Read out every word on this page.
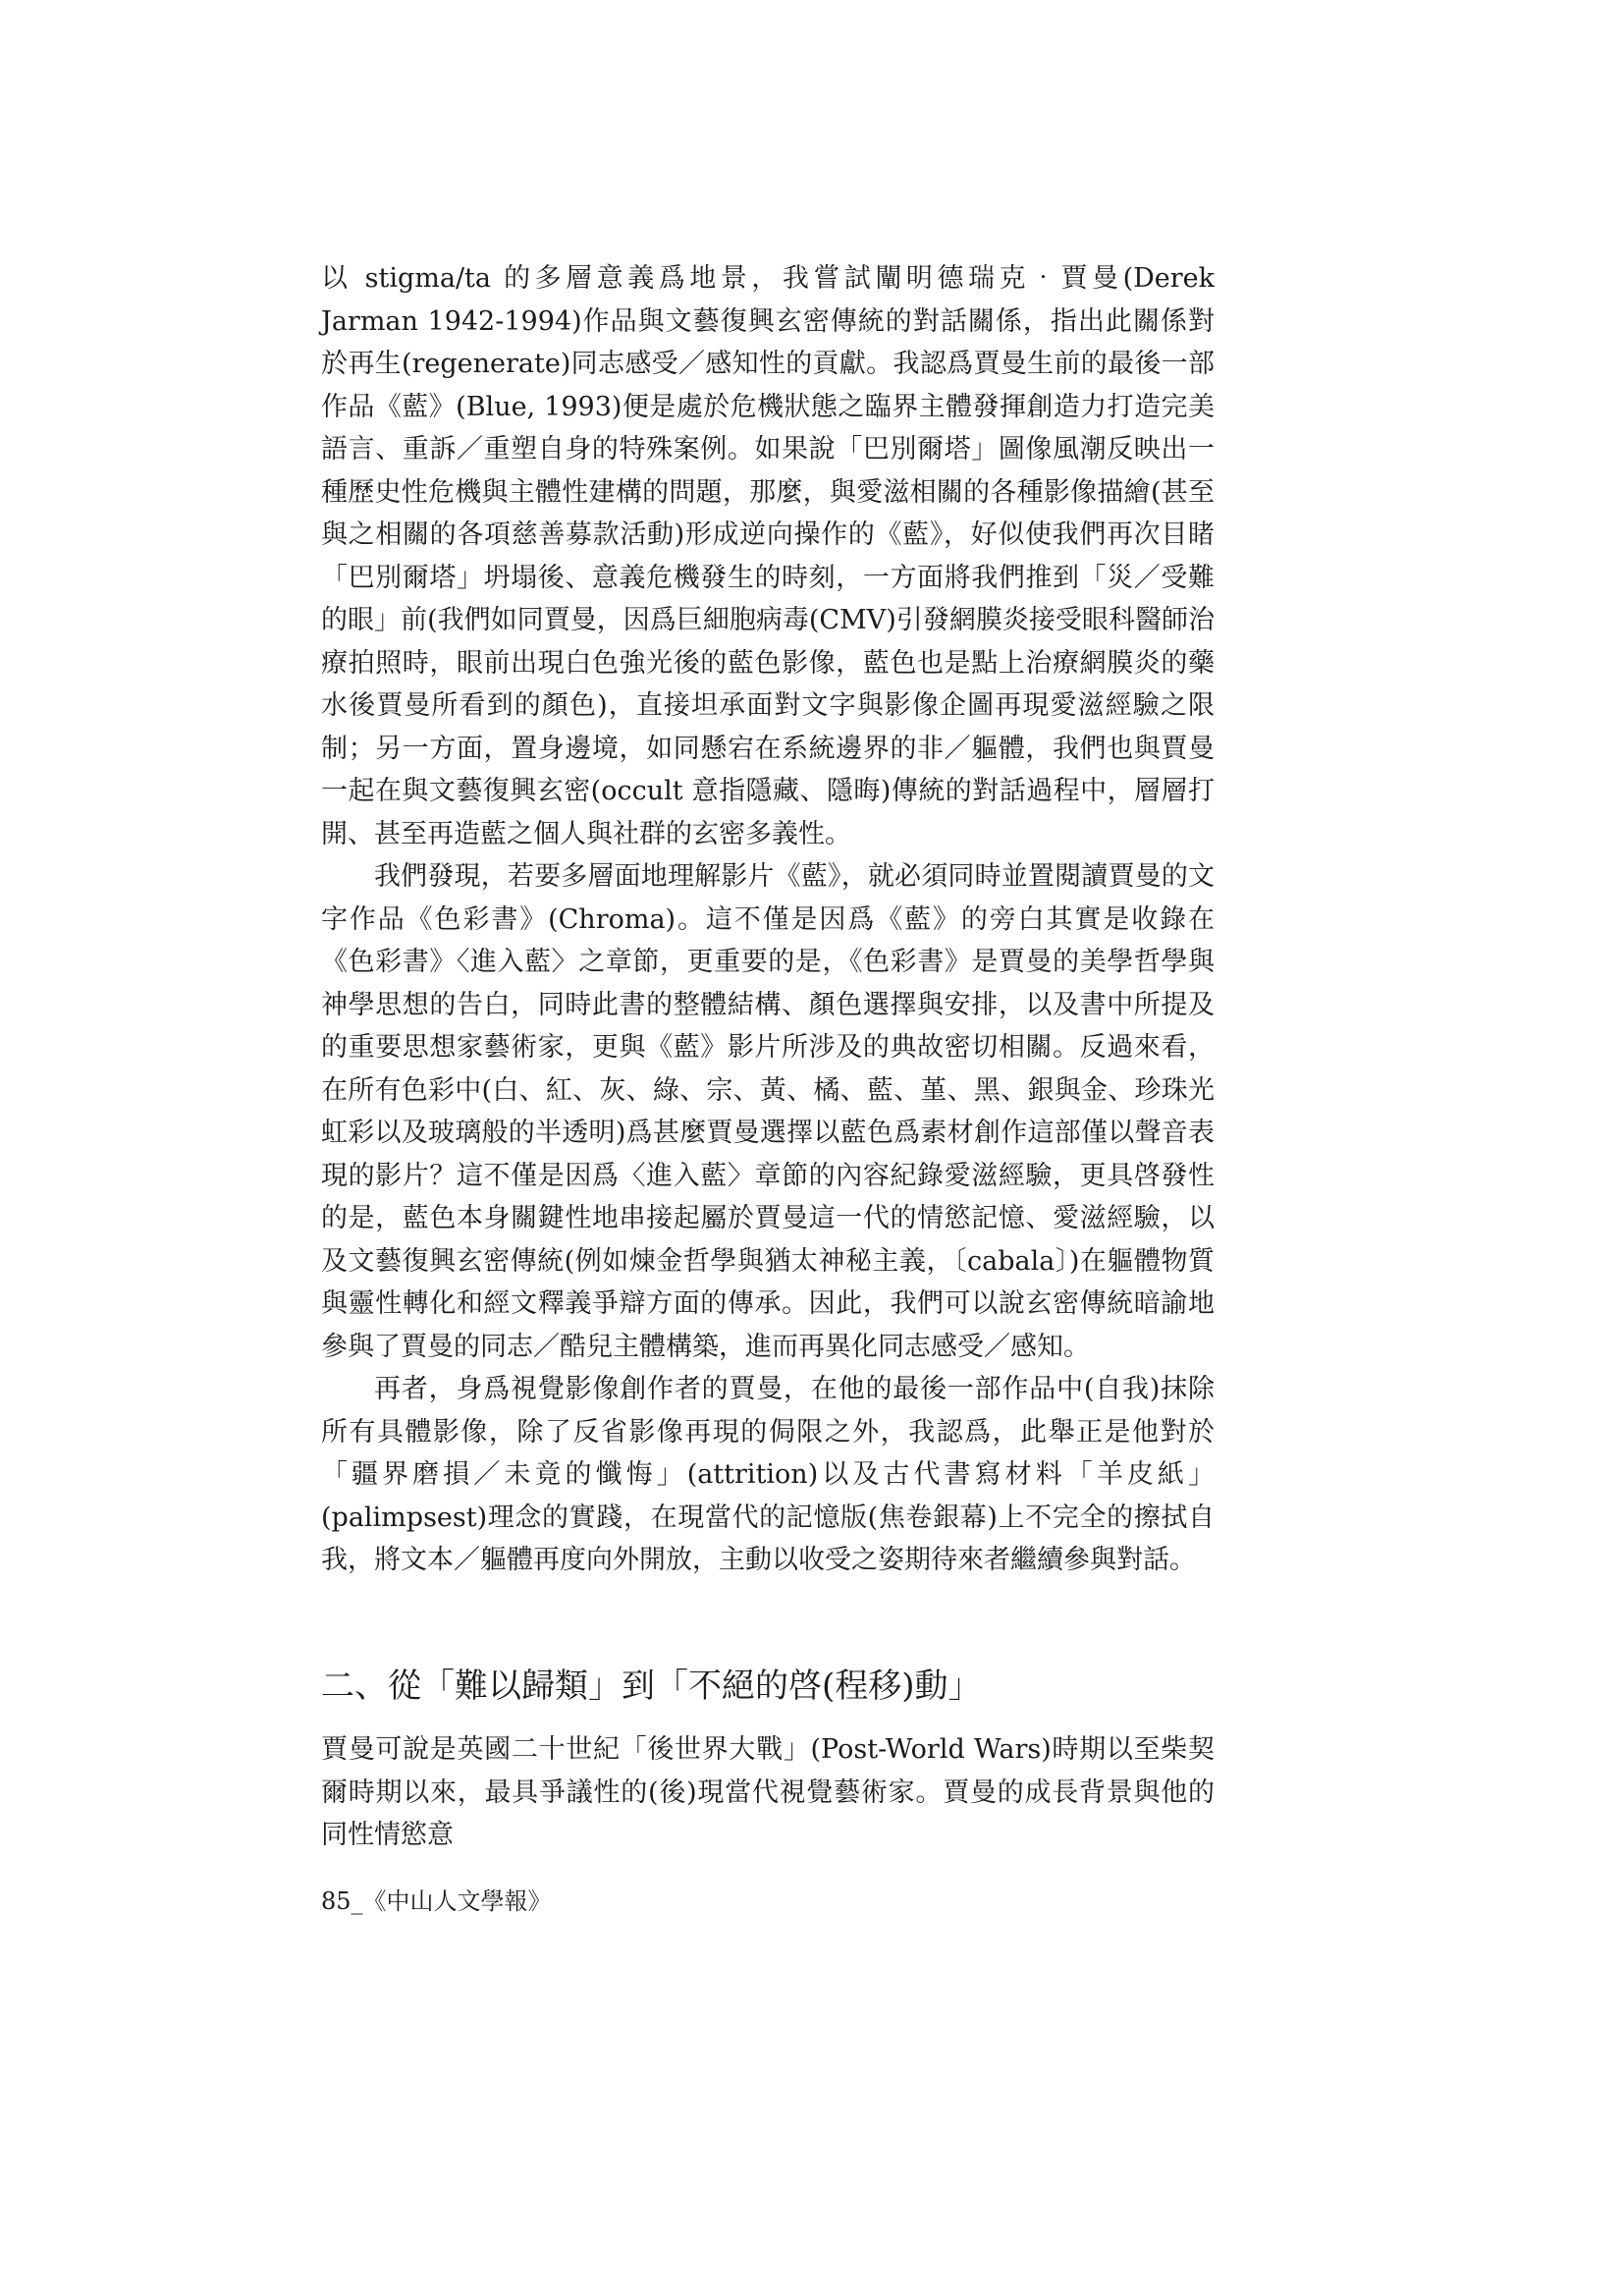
以 stigma/ta 的多層意義爲地景，我嘗試闡明德瑞克‧賈曼(Derek Jarman 1942-1994)作品與文藝復興玄密傳統的對話關係，指出此關係對於再生(regenerate)同志感受／感知性的貢獻。我認爲賈曼生前的最後一部作品《藍》(Blue, 1993)便是處於危機狀態之臨界主體發揮創造力打造完美語言、重訴／重塑自身的特殊案例。如果說「巴別爾塔」圖像風潮反映出一種歷史性危機與主體性建構的問題，那麼，與愛滋相關的各種影像描繪(甚至與之相關的各項慈善募款活動)形成逆向操作的《藍》，好似使我們再次目睹「巴別爾塔」坍塌後、意義危機發生的時刻，一方面將我們推到「災／受難的眼」前(我們如同賈曼，因爲巨細胞病毒(CMV)引發網膜炎接受眼科醫師治療拍照時，眼前出現白色強光後的藍色影像，藍色也是點上治療網膜炎的藥水後賈曼所看到的顏色)，直接坦承面對文字與影像企圖再現愛滋經驗之限制；另一方面，置身邊境，如同懸宕在系統邊界的非／軀體，我們也與賈曼一起在與文藝復興玄密(occult 意指隱藏、隱晦)傳統的對話過程中，層層打開、甚至再造藍之個人與社群的玄密多義性。

我們發現，若要多層面地理解影片《藍》，就必須同時並置閱讀賈曼的文字作品《色彩書》(Chroma)。這不僅是因爲《藍》的旁白其實是收錄在《色彩書》〈進入藍〉之章節，更重要的是，《色彩書》是賈曼的美學哲學與神學思想的告白，同時此書的整體結構、顏色選擇與安排，以及書中所提及的重要思想家藝術家，更與《藍》影片所涉及的典故密切相關。反過來看，在所有色彩中(白、紅、灰、綠、宗、黃、橘、藍、堇、黑、銀與金、珍珠光虹彩以及玻璃般的半透明)爲甚麼賈曼選擇以藍色爲素材創作這部僅以聲音表現的影片？這不僅是因爲〈進入藍〉章節的內容紀錄愛滋經驗，更具啓發性的是，藍色本身關鍵性地串接起屬於賈曼這一代的情慾記憶、愛滋經驗，以及文藝復興玄密傳統(例如煉金哲學與猶太神秘主義，〔cabala〕)在軀體物質與靈性轉化和經文釋義爭辯方面的傳承。因此，我們可以說玄密傳統暗諭地參與了賈曼的同志／酷兒主體構築，進而再異化同志感受／感知。

再者，身爲視覺影像創作者的賈曼，在他的最後一部作品中(自我)抹除所有具體影像，除了反省影像再現的侷限之外，我認爲，此舉正是他對於「疆界磨損／未竟的懺悔」(attrition)以及古代書寫材料「羊皮紙」(palimpsest)理念的實踐，在現當代的記憶版(焦卷銀幕)上不完全的擦拭自我，將文本／軀體再度向外開放，主動以收受之姿期待來者繼續參與對話。

二、從「難以歸類」到「不絕的啓(程移)動」

賈曼可說是英國二十世紀「後世界大戰」(Post-World Wars)時期以至柴契爾時期以來，最具爭議性的(後)現當代視覺藝術家。賈曼的成長背景與他的同性情慾意

85_《中山人文學報》
